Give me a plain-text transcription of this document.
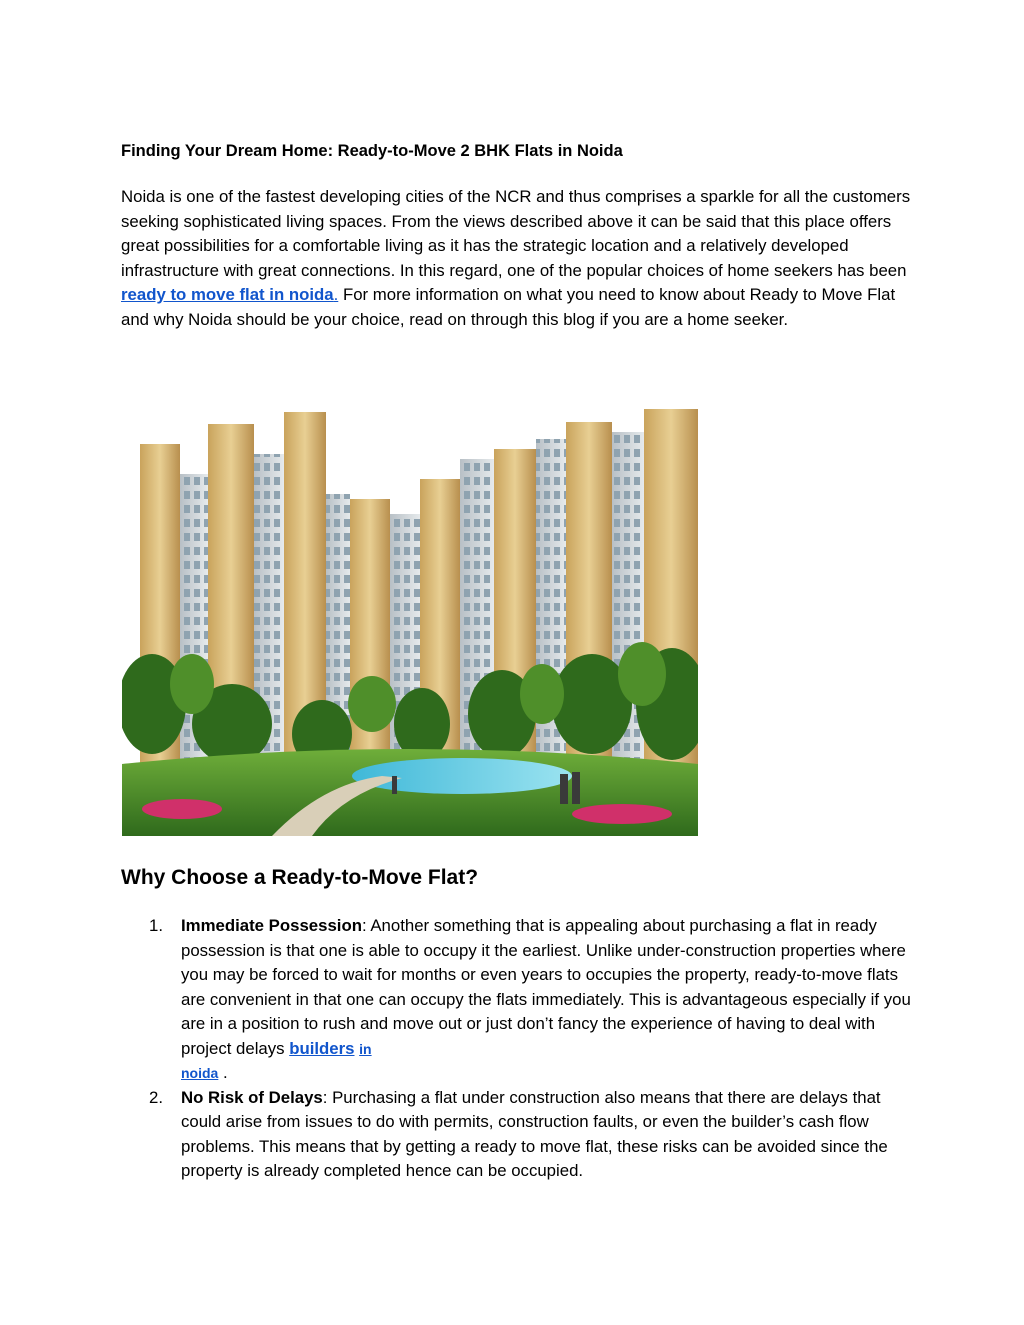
Finding Your Dream Home: Ready-to-Move 2 BHK Flats in Noida

Noida is one of the fastest developing cities of the NCR and thus comprises a sparkle for all the customers seeking sophisticated living spaces. From the views described above it can be said that this place offers great possibilities for a comfortable living as it has the strategic location and a relatively developed infrastructure with great connections. In this regard, one of the popular choices of home seekers has been ready to move flat in noida. For more information on what you need to know about Ready to Move Flat and why Noida should be your choice, read on through this blog if you are a home seeker.

Why Choose a Ready-to-Move Flat?
1. Immediate Possession: Another something that is appealing about purchasing a flat in ready possession is that one is able to occupy it the earliest. Unlike under-construction properties where you may be forced to wait for months or even years to occupies the property, ready-to-move flats are convenient in that one can occupy the flats immediately. This is advantageous especially if you are in a position to rush and move out or just don’t fancy the experience of having to deal with project delays builders in
noida .
2. No Risk of Delays: Purchasing a flat under construction also means that there are delays that could arise from issues to do with permits, construction faults, or even the builder’s cash flow problems. This means that by getting a ready to move flat, these risks can be avoided since the property is already completed hence can be occupied.
